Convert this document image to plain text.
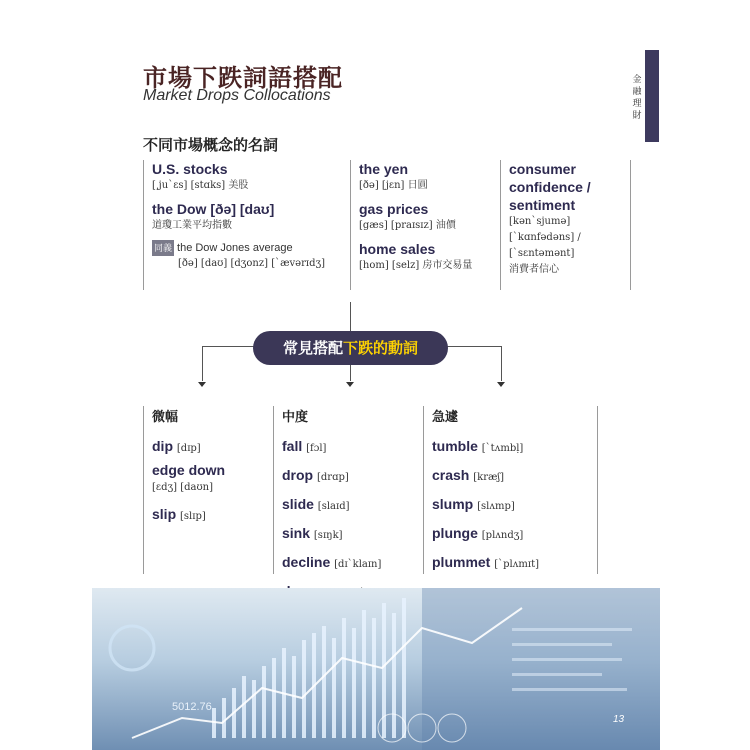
市場下跌詞語搭配
Market Drops Collocations
金融理財
不同市場概念的名詞
U.S. stocks
[͵ju`ɛs] [stɑks] 美股
the Dow [ðə] [daʊ]
道瓊工業平均指數
同義 the Dow Jones average
[ðə] [daʊ] [dʒonz] [`ævərɪdʒ]
the yen
[ðə] [jɛn] 日圓
gas prices
[gæs] [praɪsɪz] 油價
home sales
[hom] [selz] 房市交易量
consumer
confidence /
sentiment
[kən`sjumə]
[`kɑnfədəns] /
[`sɛntəmənt]
消費者信心
常見搭配下跌的動詞
微幅
dip [dɪp]
edge down
[ɛdʒ] [daʊn]
slip [slɪp]
中度
fall [fɔl]
drop [drɑp]
slide [slaɪd]
sink [sɪŋk]
decline [dɪ`klaɪn]
急遽
tumble [`tʌmbḷ]
crash [kræʃ]
slump [slʌmp]
plunge [plʌndʒ]
plummet [`plʌmɪt]
5012.76
13
